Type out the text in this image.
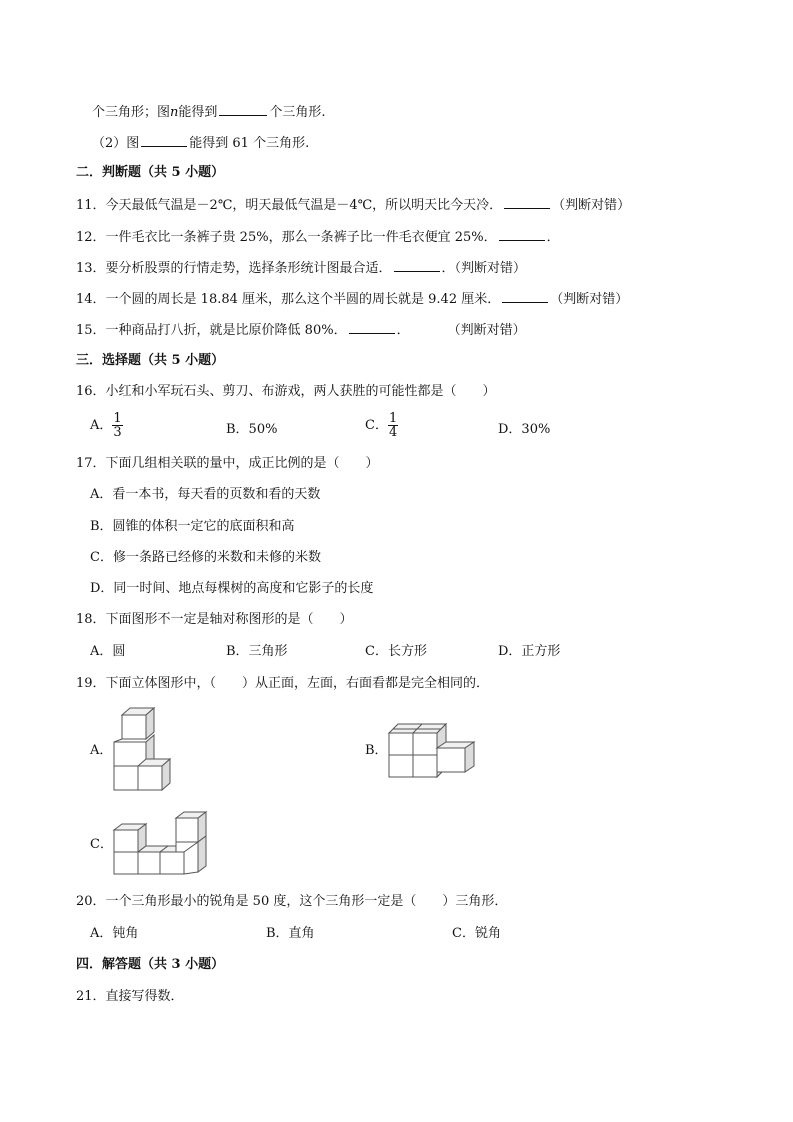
个三角形；图n能得到	个三角形.
（2）图	能得到 61 个三角形.
二．判断题（共 5 小题）
11．今天最低气温是－2℃，明天最低气温是－4℃，所以明天比今天冷．	（判断对错）
12．一件毛衣比一条裤子贵 25%，那么一条裤子比一件毛衣便宜 25%．	．
13．要分析股票的行情走势，选择条形统计图最合适．	．（判断对错）
14．一个圆的周长是 18.84 厘米，那么这个半圆的周长就是 9.42 厘米．	（判断对错）
15．一种商品打八折，就是比原价降低 80%．	．	（判断对错）
三．选择题（共 5 小题）
16．小红和小军玩石头、剪刀、布游戏，两人获胜的可能性都是（　　）
A． $\frac{1}{3}$	B．50%	C． $\frac{1}{4}$	D．30%
17．下面几组相关联的量中，成正比例的是（　　）
A．看一本书，每天看的页数和看的天数
B．圆锥的体积一定它的底面积和高
C．修一条路已经修的米数和未修的米数
D．同一时间、地点每棵树的高度和它影子的长度
18．下面图形不一定是轴对称图形的是（　　）
A．圆	B．三角形	C．长方形	D．正方形
19．下面立体图形中，（　　）从正面，左面，右面看都是完全相同的．
A．	B．
C．
20．一个三角形最小的锐角是 50 度，这个三角形一定是（　　）三角形．
A．钝角	B．直角	C．锐角
四．解答题（共 3 小题）
21．直接写得数．
